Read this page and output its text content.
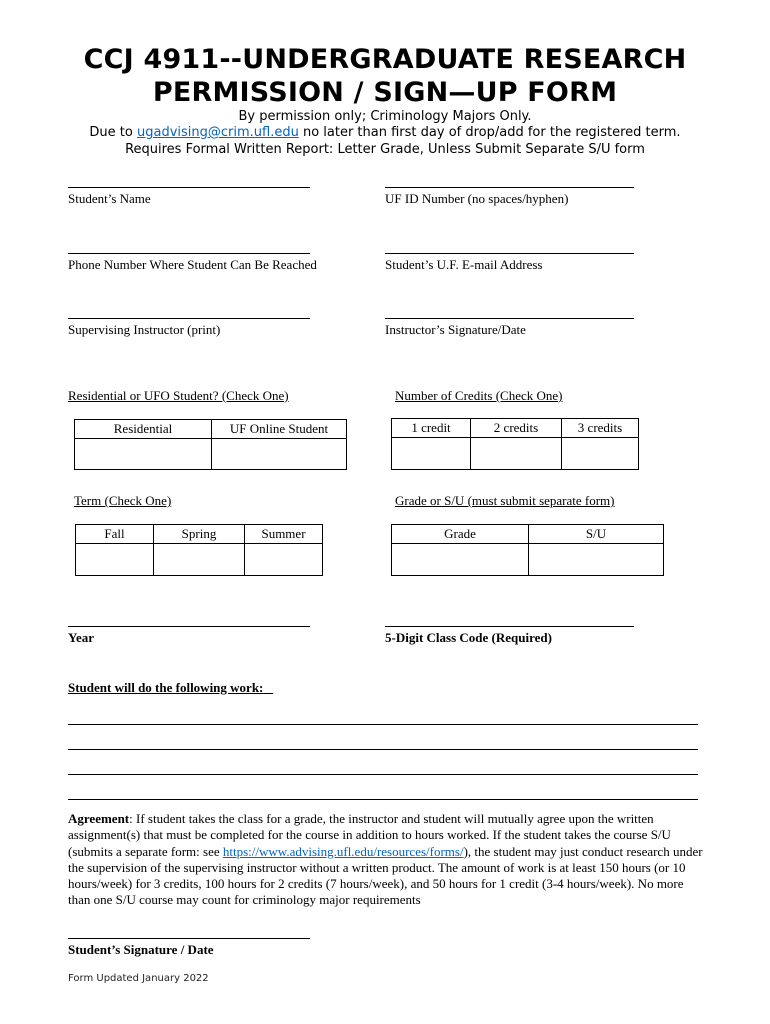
CCJ 4911--UNDERGRADUATE RESEARCH
PERMISSION / SIGN—UP FORM
By permission only; Criminology Majors Only.
Due to ugadvising@crim.ufl.edu no later than first day of drop/add for the registered term.
Requires Formal Written Report: Letter Grade, Unless Submit Separate S/U form
Student’s Name	UF ID Number (no spaces/hyphen)
Phone Number Where Student Can Be Reached	Student’s U.F. E-mail Address
Supervising Instructor (print)	Instructor’s Signature/Date
Residential or UFO Student? (Check One)
Residential	UF Online Student

Number of Credits (Check One)
1 credit	2 credits	3 credits

Term (Check One)
Fall	Spring	Summer

Grade or S/U (must submit separate form)
Grade	S/U

Year	5-Digit Class Code (Required)
Student will do the following work:
Agreement: If student takes the class for a grade, the instructor and student will mutually agree upon the written assignment(s) that must be completed for the course in addition to hours worked. If the student takes the course S/U (submits a separate form: see https://www.advising.ufl.edu/resources/forms/), the student may just conduct research under the supervision of the supervising instructor without a written product. The amount of work is at least 150 hours (or 10 hours/week) for 3 credits, 100 hours for 2 credits (7 hours/week), and 50 hours for 1 credit (3-4 hours/week). No more than one S/U course may count for criminology major requirements
Student’s Signature / Date
Form Updated January 2022
